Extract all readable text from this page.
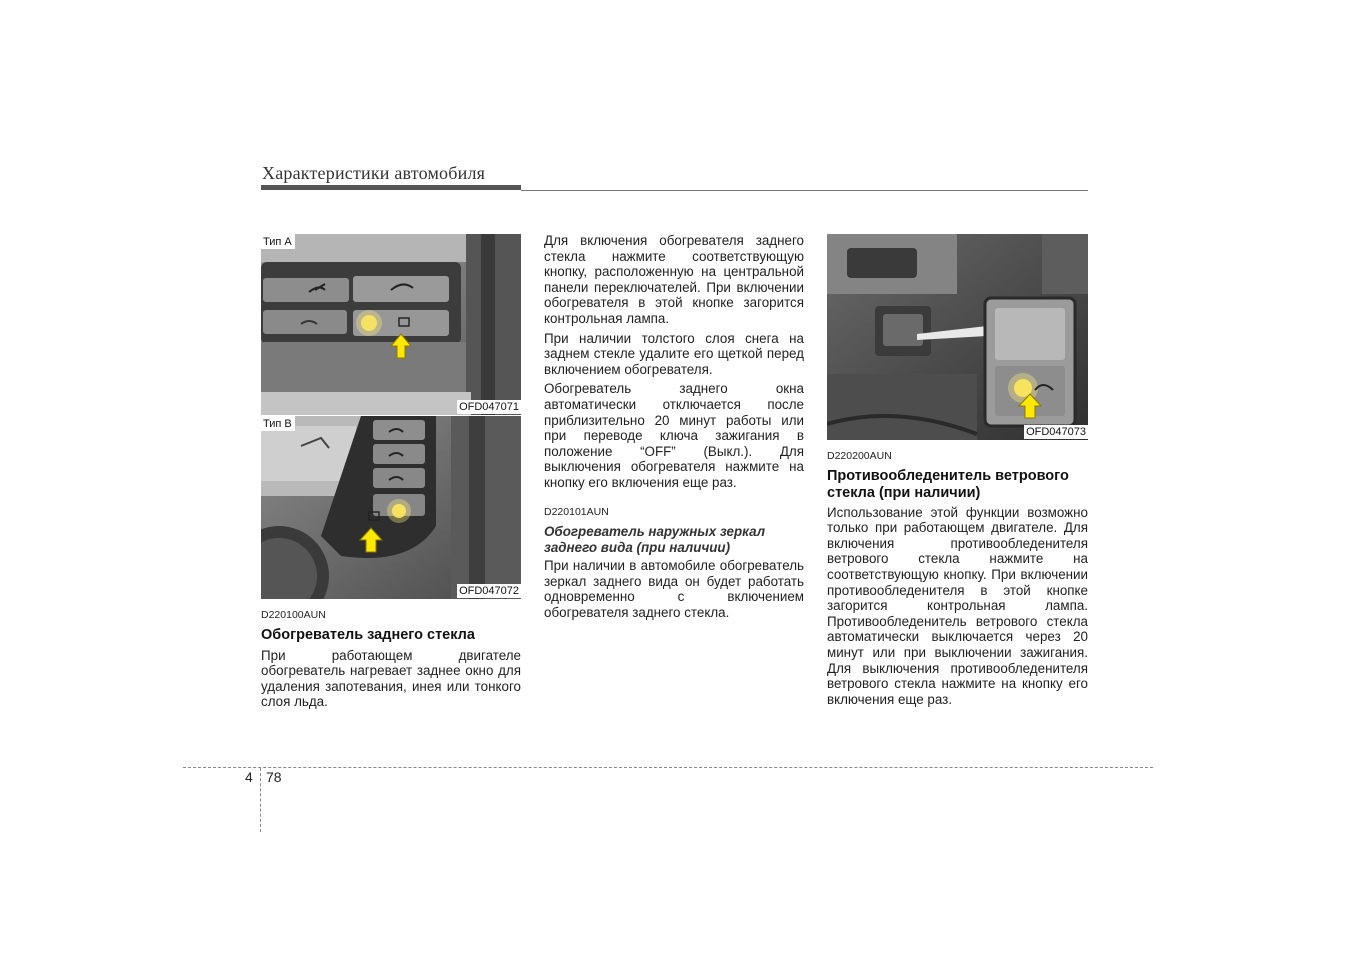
Характеристики автомобиля
Тип A
OFD047071
Тип B
OFD047072
OFD047073
D220100AUN
Обогреватель заднего стекла

При работающем двигателе обогреватель нагревает заднее окно для удаления запотевания, инея или тонкого слоя льда.

Для включения обогревателя заднего стекла нажмите соответствующую кнопку, расположенную на центральной панели переключателей. При включении обогревателя в этой кнопке загорится контрольная лампа.

При наличии толстого слоя снега на заднем стекле удалите его щеткой перед включением обогревателя.

Обогреватель заднего окна автоматически отключается после приблизительно 20 минут работы или при переводе ключа зажигания в положение “OFF” (Выкл.). Для выключения обогревателя нажмите на кнопку его включения еще раз.

D220101AUN
Обогреватель наружных зеркал заднего вида (при наличии)

При наличии в автомобиле обогреватель зеркал заднего вида он будет работать одновременно с включением обогревателя заднего стекла.

D220200AUN
Противообледенитель ветрового стекла (при наличии)

Использование этой функции возможно только при работающем двигателе. Для включения противообледенителя ветрового стекла нажмите на соответствующую кнопку. При включении противообледенителя в этой кнопке загорится контрольная лампа. Противообледенитель ветрового стекла автоматически выключается через 20 минут или при выключении зажигания. Для выключения противообледенителя ветрового стекла нажмите на кнопку его включения еще раз.

4 78
